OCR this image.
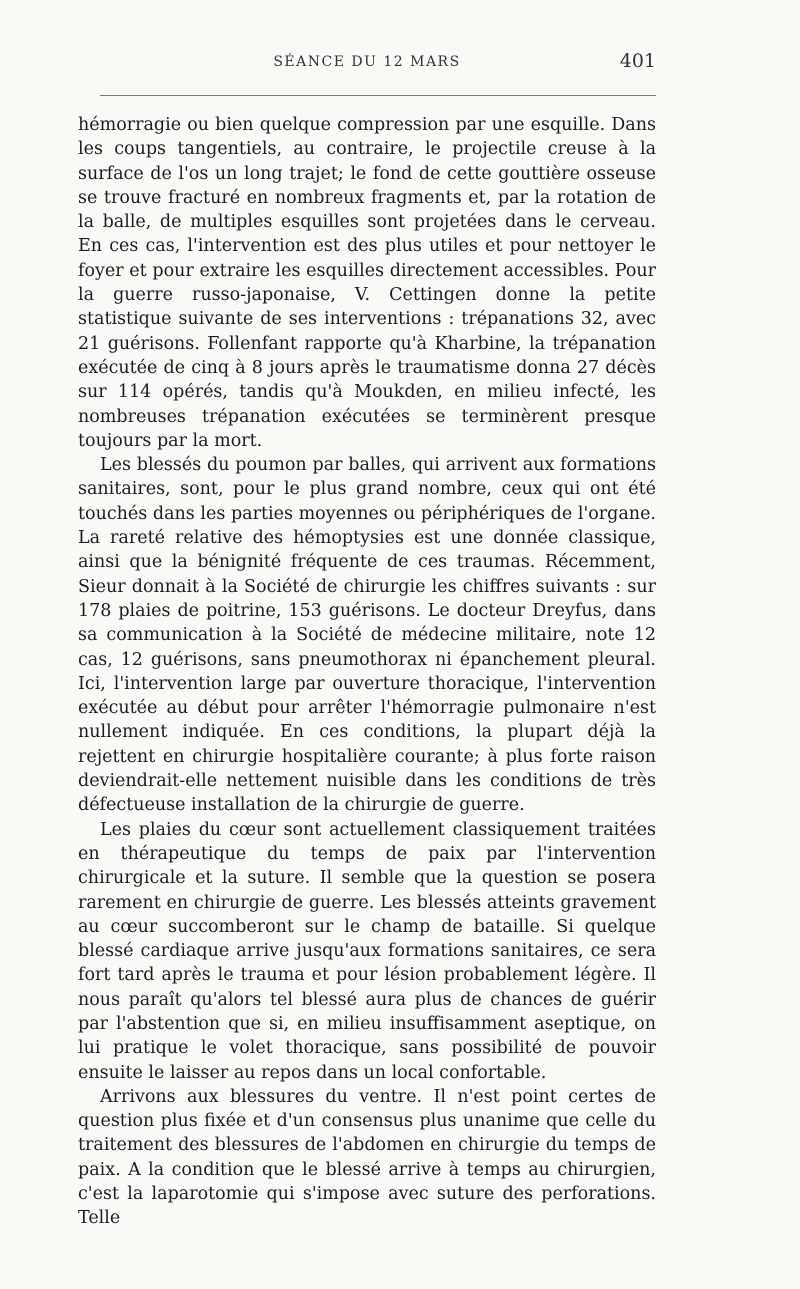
SÉANCE DU 12 MARS	401

hémorragie ou bien quelque compression par une esquille. Dans les coups tangentiels, au contraire, le projectile creuse à la surface de l'os un long trajet; le fond de cette gouttière osseuse se trouve fracturé en nombreux fragments et, par la rotation de la balle, de multiples esquilles sont projetées dans le cerveau. En ces cas, l'intervention est des plus utiles et pour nettoyer le foyer et pour extraire les esquilles directement accessibles. Pour la guerre russo-japonaise, V. Cettingen donne la petite statistique suivante de ses interventions : trépanations 32, avec 21 guérisons. Follenfant rapporte qu'à Kharbine, la trépanation exécutée de cinq à 8 jours après le traumatisme donna 27 décès sur 114 opérés, tandis qu'à Moukden, en milieu infecté, les nombreuses trépanation exécutées se terminèrent presque toujours par la mort.

Les blessés du poumon par balles, qui arrivent aux formations sanitaires, sont, pour le plus grand nombre, ceux qui ont été touchés dans les parties moyennes ou périphériques de l'organe. La rareté relative des hémoptysies est une donnée classique, ainsi que la bénignité fréquente de ces traumas. Récemment, Sieur donnait à la Société de chirurgie les chiffres suivants : sur 178 plaies de poitrine, 153 guérisons. Le docteur Dreyfus, dans sa communication à la Société de médecine militaire, note 12 cas, 12 guérisons, sans pneumothorax ni épanchement pleural. Ici, l'intervention large par ouverture thoracique, l'intervention exécutée au début pour arrêter l'hémorragie pulmonaire n'est nullement indiquée. En ces conditions, la plupart déjà la rejettent en chirurgie hospitalière courante; à plus forte raison deviendrait-elle nettement nuisible dans les conditions de très défectueuse installation de la chirurgie de guerre.

Les plaies du cœur sont actuellement classiquement traitées en thérapeutique du temps de paix par l'intervention chirurgicale et la suture. Il semble que la question se posera rarement en chirurgie de guerre. Les blessés atteints gravement au cœur succomberont sur le champ de bataille. Si quelque blessé cardiaque arrive jusqu'aux formations sanitaires, ce sera fort tard après le trauma et pour lésion probablement légère. Il nous paraît qu'alors tel blessé aura plus de chances de guérir par l'abstention que si, en milieu insuffisamment aseptique, on lui pratique le volet thoracique, sans possibilité de pouvoir ensuite le laisser au repos dans un local confortable.

Arrivons aux blessures du ventre. Il n'est point certes de question plus fixée et d'un consensus plus unanime que celle du traitement des blessures de l'abdomen en chirurgie du temps de paix. A la condition que le blessé arrive à temps au chirurgien, c'est la laparotomie qui s'impose avec suture des perforations. Telle
